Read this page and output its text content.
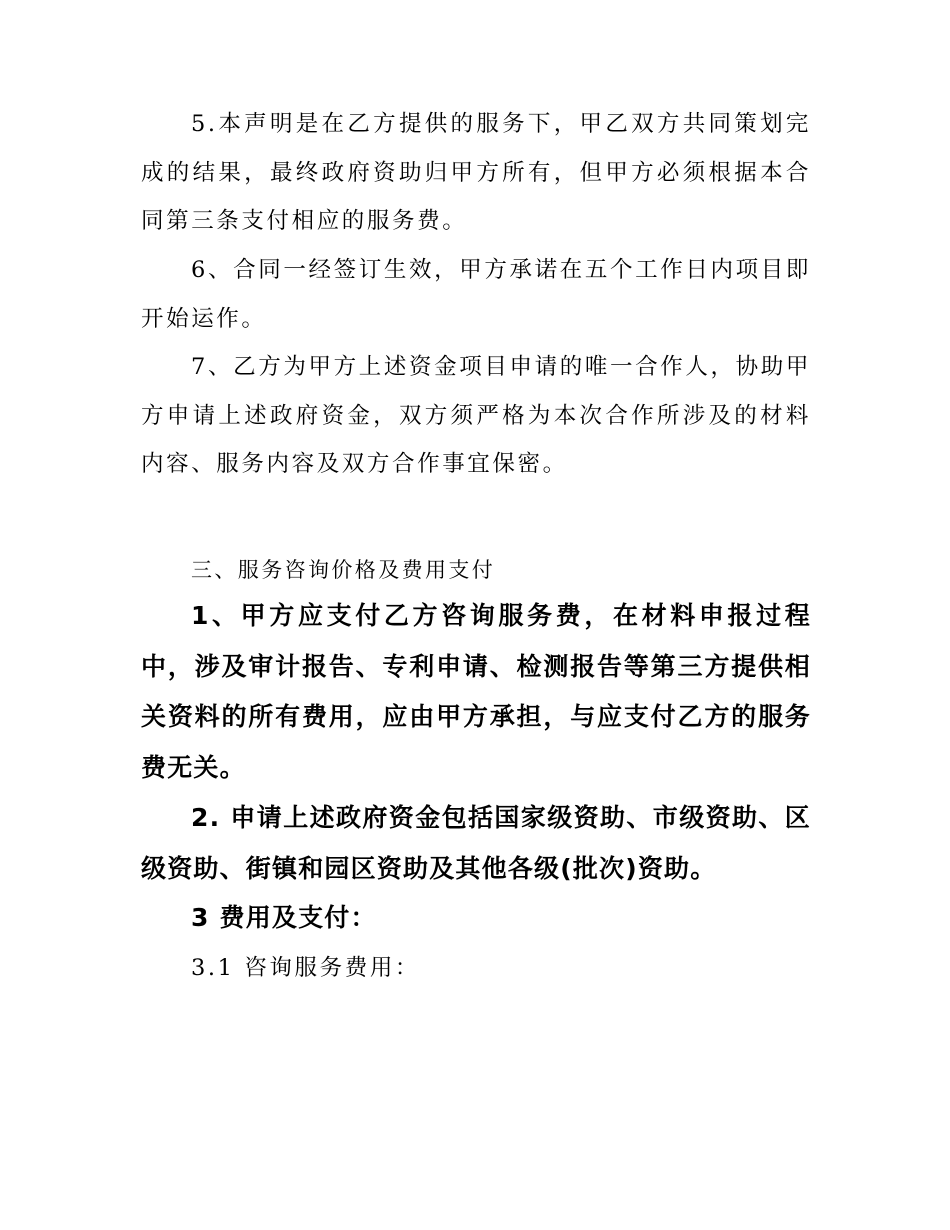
5.本声明是在乙方提供的服务下，甲乙双方共同策划完成的结果，最终政府资助归甲方所有，但甲方必须根据本合同第三条支付相应的服务费。

6、合同一经签订生效，甲方承诺在五个工作日内项目即开始运作。

7、乙方为甲方上述资金项目申请的唯一合作人，协助甲方申请上述政府资金，双方须严格为本次合作所涉及的材料内容、服务内容及双方合作事宜保密。

三、服务咨询价格及费用支付

1、甲方应支付乙方咨询服务费，在材料申报过程中，涉及审计报告、专利申请、检测报告等第三方提供相关资料的所有费用，应由甲方承担，与应支付乙方的服务费无关。

2. 申请上述政府资金包括国家级资助、市级资助、区级资助、街镇和园区资助及其他各级(批次)资助。

3 费用及支付：

3.1 咨询服务费用：
